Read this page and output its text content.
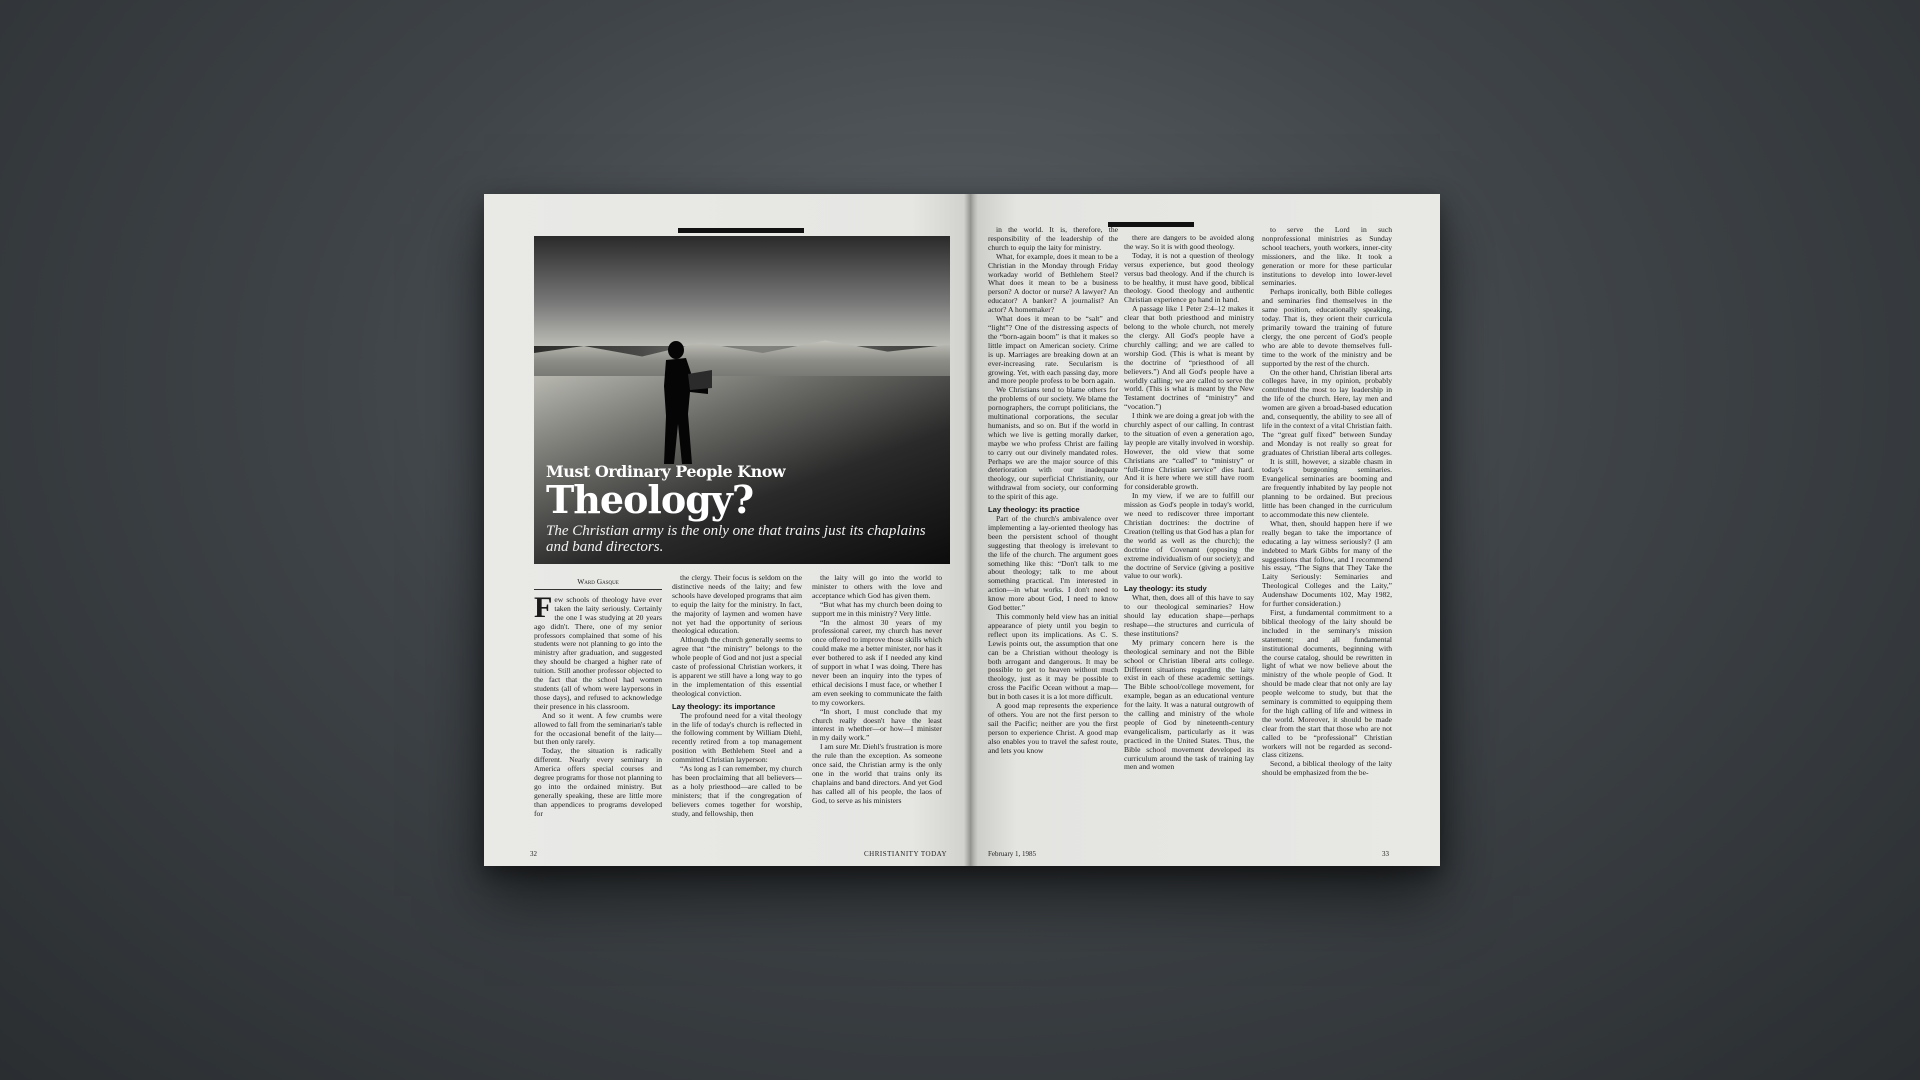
Must Ordinary People Know
Theology?
The Christian army is the only one that trains just its chaplains and band directors.
Ward Gasque
F ew schools of theology have ever taken the laity seriously. Certainly the one I was studying at 20 years ago didn't. There, one of my senior professors complained that some of his students were not planning to go into the ministry after graduation, and suggested they should be charged a higher rate of tuition. Still another professor objected to the fact that the school had women students (all of whom were laypersons in those days), and refused to acknowledge their presence in his classroom.

And so it went. A few crumbs were allowed to fall from the seminarian's table for the occasional benefit of the laity—but then only rarely.

Today, the situation is radically different. Nearly every seminary in America offers special courses and degree programs for those not planning to go into the ordained ministry. But generally speaking, these are little more than appendices to programs developed for

the clergy. Their focus is seldom on the distinctive needs of the laity; and few schools have developed programs that aim to equip the laity for the ministry. In fact, the majority of laymen and women have not yet had the opportunity of serious theological education.

Although the church generally seems to agree that “the ministry” belongs to the whole people of God and not just a special caste of professional Christian workers, it is apparent we still have a long way to go in the implementation of this essential theological conviction.

Lay theology: its importance

The profound need for a vital theology in the life of today's church is reflected in the following comment by William Diehl, recently retired from a top management position with Bethlehem Steel and a committed Christian layperson:

“As long as I can remember, my church has been proclaiming that all believers—as a holy priesthood—are called to be ministers; that if the congregation of believers comes together for worship, study, and fellowship, then

the laity will go into the world to minister to others with the love and acceptance which God has given them.

“But what has my church been doing to support me in this ministry? Very little.

“In the almost 30 years of my professional career, my church has never once offered to improve those skills which could make me a better minister, nor has it ever bothered to ask if I needed any kind of support in what I was doing. There has never been an inquiry into the types of ethical decisions I must face, or whether I am even seeking to communicate the faith to my coworkers.

“In short, I must conclude that my church really doesn't have the least interest in whether—or how—I minister in my daily work.”

I am sure Mr. Diehl's frustration is more the rule than the exception. As someone once said, the Christian army is the only one in the world that trains only its chaplains and band directors. And yet God has called all of his people, the laos of God, to serve as his ministers

32	CHRISTIANITY TODAY

in the world. It is, therefore, the responsibility of the leadership of the church to equip the laity for ministry.

What, for example, does it mean to be a Christian in the Monday through Friday workaday world of Bethlehem Steel? What does it mean to be a business person? A doctor or nurse? A lawyer? An educator? A banker? A journalist? An actor? A homemaker?

What does it mean to be “salt” and “light”? One of the distressing aspects of the “born-again boom” is that it makes so little impact on American society. Crime is up. Marriages are breaking down at an ever-increasing rate. Secularism is growing. Yet, with each passing day, more and more people profess to be born again.

We Christians tend to blame others for the problems of our society. We blame the pornographers, the corrupt politicians, the multinational corporations, the secular humanists, and so on. But if the world in which we live is getting morally darker, maybe we who profess Christ are failing to carry out our divinely mandated roles. Perhaps we are the major source of this deterioration with our inadequate theology, our superficial Christianity, our withdrawal from society, our conforming to the spirit of this age.

Lay theology: its practice

Part of the church's ambivalence over implementing a lay-oriented theology has been the persistent school of thought suggesting that theology is irrelevant to the life of the church. The argument goes something like this: “Don't talk to me about theology; talk to me about something practical. I'm interested in action—in what works. I don't need to know more about God, I need to know God better.”

This commonly held view has an initial appearance of piety until you begin to reflect upon its implications. As C. S. Lewis points out, the assumption that one can be a Christian without theology is both arrogant and dangerous. It may be possible to get to heaven without much theology, just as it may be possible to cross the Pacific Ocean without a map—but in both cases it is a lot more difficult.

A good map represents the experience of others. You are not the first person to sail the Pacific; neither are you the first person to experience Christ. A good map also enables you to travel the safest route, and lets you know

there are dangers to be avoided along the way. So it is with good theology.

Today, it is not a question of theology versus experience, but good theology versus bad theology. And if the church is to be healthy, it must have good, biblical theology. Good theology and authentic Christian experience go hand in hand.

A passage like 1 Peter 2:4–12 makes it clear that both priesthood and ministry belong to the whole church, not merely the clergy. All God's people have a churchly calling; and we are called to worship God. (This is what is meant by the doctrine of “priesthood of all believers.”) And all God's people have a worldly calling; we are called to serve the world. (This is what is meant by the New Testament doctrines of “ministry” and “vocation.”)

I think we are doing a great job with the churchly aspect of our calling. In contrast to the situation of even a generation ago, lay people are vitally involved in worship. However, the old view that some Christians are “called” to “ministry” or “full-time Christian service” dies hard. And it is here where we still have room for considerable growth.

In my view, if we are to fulfill our mission as God's people in today's world, we need to rediscover three important Christian doctrines: the doctrine of Creation (telling us that God has a plan for the world as well as the church); the doctrine of Covenant (opposing the extreme individualism of our society); and the doctrine of Service (giving a positive value to our work).

Lay theology: its study

What, then, does all of this have to say to our theological seminaries? How should lay education shape—perhaps reshape—the structures and curricula of these institutions?

My primary concern here is the theological seminary and not the Bible school or Christian liberal arts college. Different situations regarding the laity exist in each of these academic settings. The Bible school/college movement, for example, began as an educational venture for the laity. It was a natural outgrowth of the calling and ministry of the whole people of God by nineteenth-century evangelicalism, particularly as it was practiced in the United States. Thus, the Bible school movement developed its curriculum around the task of training lay men and women

to serve the Lord in such nonprofessional ministries as Sunday school teachers, youth workers, inner-city missioners, and the like. It took a generation or more for these particular institutions to develop into lower-level seminaries.

Perhaps ironically, both Bible colleges and seminaries find themselves in the same position, educationally speaking, today. That is, they orient their curricula primarily toward the training of future clergy, the one percent of God's people who are able to devote themselves full-time to the work of the ministry and be supported by the rest of the church.

On the other hand, Christian liberal arts colleges have, in my opinion, probably contributed the most to lay leadership in the life of the church. Here, lay men and women are given a broad-based education and, consequently, the ability to see all of life in the context of a vital Christian faith. The “great gulf fixed” between Sunday and Monday is not really so great for graduates of Christian liberal arts colleges.

It is still, however, a sizable chasm in today's burgeoning seminaries. Evangelical seminaries are booming and are frequently inhabited by lay people not planning to be ordained. But precious little has been changed in the curriculum to accommodate this new clientele.

What, then, should happen here if we really began to take the importance of educating a lay witness seriously? (I am indebted to Mark Gibbs for many of the suggestions that follow, and I recommend his essay, “The Signs that They Take the Laity Seriously: Seminaries and Theological Colleges and the Laity,” Audenshaw Documents 102, May 1982, for further consideration.)

First, a fundamental commitment to a biblical theology of the laity should be included in the seminary's mission statement; and all fundamental institutional documents, beginning with the course catalog, should be rewritten in light of what we now believe about the ministry of the whole people of God. It should be made clear that not only are lay people welcome to study, but that the seminary is committed to equipping them for the high calling of life and witness in the world. Moreover, it should be made clear from the start that those who are not called to be “professional” Christian workers will not be regarded as second-class citizens.

Second, a biblical theology of the laity should be emphasized from the be-

February 1, 1985	33
